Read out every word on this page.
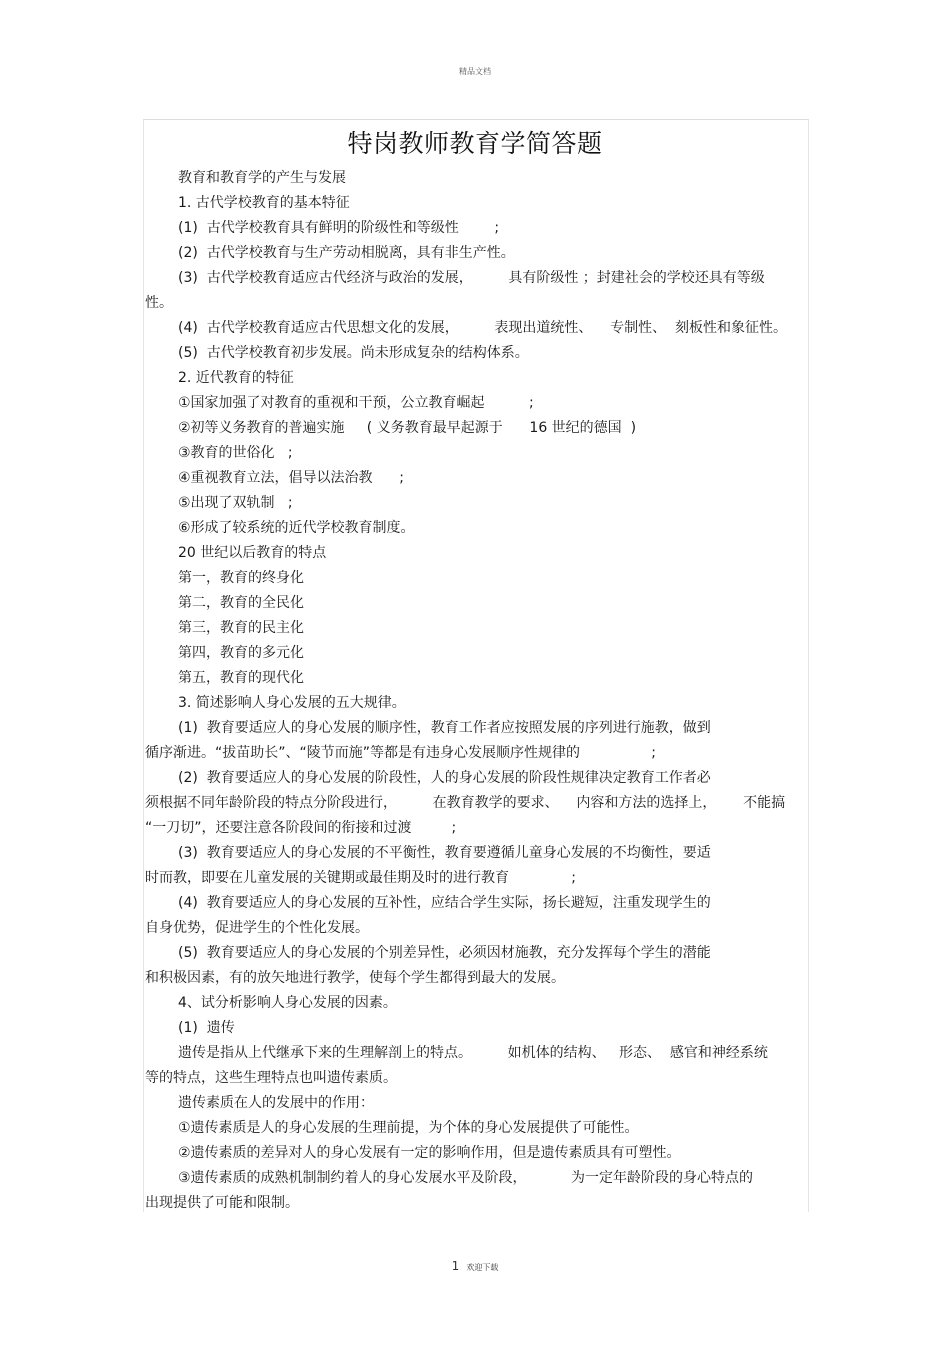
精品文档
特岗教师教育学简答题

教育和教育学的产生与发展

1. 古代学校教育的基本特征

(1)  古代学校教育具有鲜明的阶级性和等级性        ;

(2)  古代学校教育与生产劳动相脱离，具有非生产性。

(3)  古代学校教育适应古代经济与政治的发展，        具有阶级性 ；封建社会的学校还具有等级

性。

(4)  古代学校教育适应古代思想文化的发展，        表现出道统性、    专制性、  刻板性和象征性。

(5)  古代学校教育初步发展。尚未形成复杂的结构体系。

2. 近代教育的特征

①国家加强了对教育的重视和干预，公立教育崛起          ;

②初等义务教育的普遍实施     ( 义务教育最早起源于      16 世纪的德国  )

③教育的世俗化   ;

④重视教育立法，倡导以法治教      ;

⑤出现了双轨制   ;

⑥形成了较系统的近代学校教育制度。

20 世纪以后教育的特点

第一，教育的终身化

第二，教育的全民化

第三，教育的民主化

第四，教育的多元化

第五，教育的现代化

3. 简述影响人身心发展的五大规律。

(1)  教育要适应人的身心发展的顺序性，教育工作者应按照发展的序列进行施教，做到

循序渐进。“拔苗助长”、“陵节而施”等都是有违身心发展顺序性规律的                ;

(2)  教育要适应人的身心发展的阶段性，人的身心发展的阶段性规律决定教育工作者必

须根据不同年龄阶段的特点分阶段进行，        在教育教学的要求、    内容和方法的选择上，      不能搞

“一刀切”，还要注意各阶段间的衔接和过渡         ;

(3)  教育要适应人的身心发展的不平衡性，教育要遵循儿童身心发展的不均衡性，要适

时而教，即要在儿童发展的关键期或最佳期及时的进行教育              ;

(4)  教育要适应人的身心发展的互补性，应结合学生实际，扬长避短，注重发现学生的

自身优势，促进学生的个性化发展。

(5)  教育要适应人的身心发展的个别差异性，必须因材施教，充分发挥每个学生的潜能

和积极因素，有的放矢地进行教学，使每个学生都得到最大的发展。

4、试分析影响人身心发展的因素。

(1)  遗传

遗传是指从上代继承下来的生理解剖上的特点。        如机体的结构、   形态、  感官和神经系统

等的特点，这些生理特点也叫遗传素质。

遗传素质在人的发展中的作用：

①遗传素质是人的身心发展的生理前提，为个体的身心发展提供了可能性。

②遗传素质的差异对人的身心发展有一定的影响作用，但是遗传素质具有可塑性。

③遗传素质的成熟机制制约着人的身心发展水平及阶段，          为一定年龄阶段的身心特点的

出现提供了可能和限制。

1 欢迎下载
